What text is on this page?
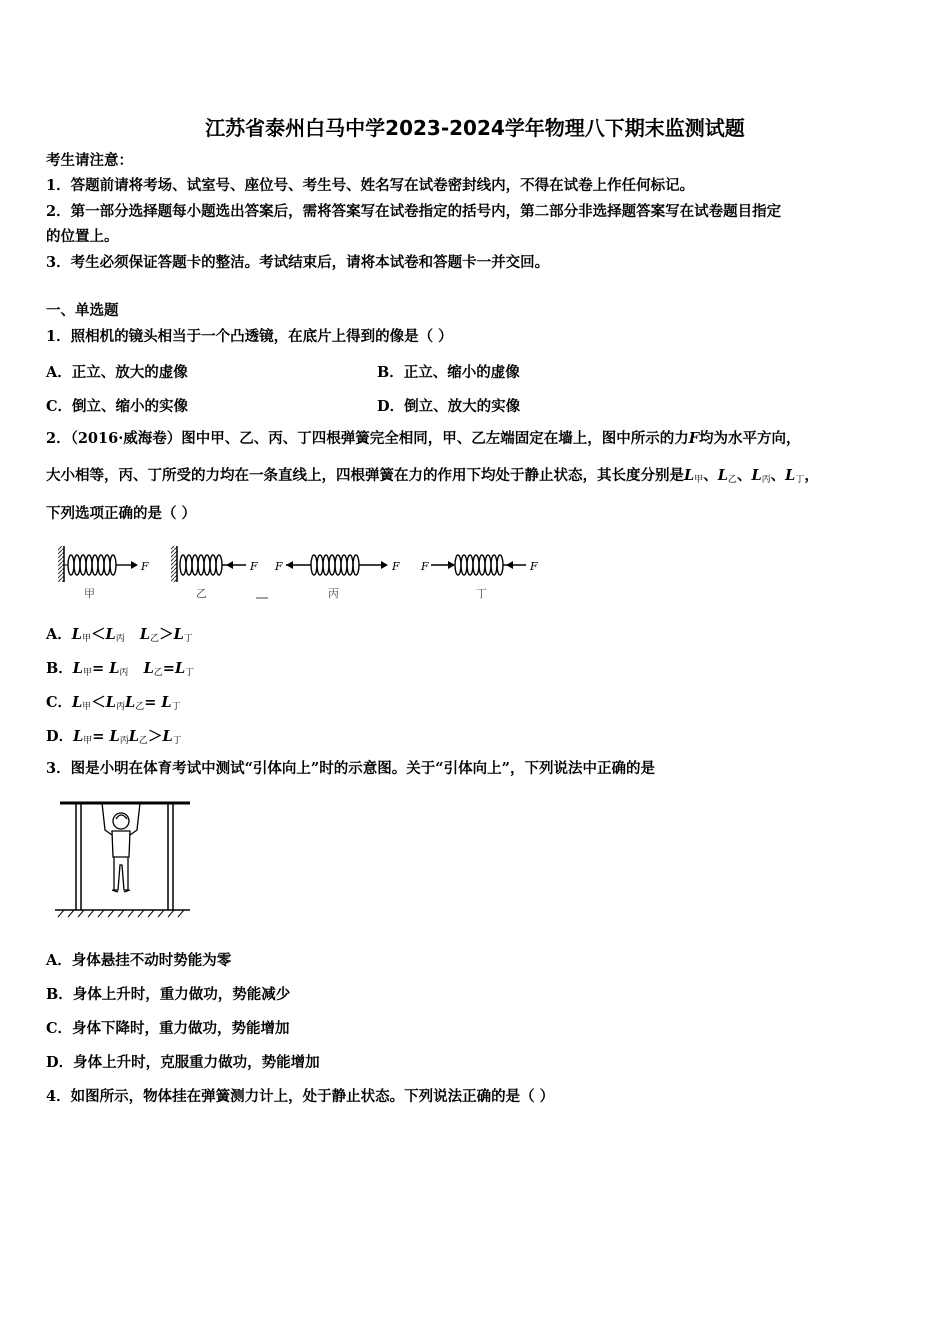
江苏省泰州白马中学2023-2024学年物理八下期末监测试题
考生请注意：
1．答题前请将考场、试室号、座位号、考生号、姓名写在试卷密封线内，不得在试卷上作任何标记。
2．第一部分选择题每小题选出答案后，需将答案写在试卷指定的括号内，第二部分非选择题答案写在试卷题目指定
的位置上。
3．考生必须保证答题卡的整洁。考试结束后，请将本试卷和答题卡一并交回。
一、单选题
1．照相机的镜头相当于一个凸透镜，在底片上得到的像是（ ）
A．正立、放大的虚像	B．正立、缩小的虚像
C．倒立、缩小的实像	D．倒立、放大的实像
2．（2016·威海卷）图中甲、乙、丙、丁四根弹簧完全相同，甲、乙左端固定在墙上，图中所示的力F均为水平方向，
大小相等，丙、丁所受的力均在一条直线上，四根弹簧在力的作用下均处于静止状态，其长度分别是$L_甲$、$L_乙$、$L_丙$、$L_丁$，
下列选项正确的是（ ）
F	F F	F F	F
甲	乙	丙	丁
A．$L_甲<L_丙$ $L_乙>L_丁$
B．$L_甲= L_丙$ $L_乙=L_丁$
C．$L_甲<L_丙L_乙= L_丁$
D．$L_甲= L_丙L_乙>L_丁$
3．图是小明在体育考试中测试“引体向上”时的示意图。关于“引体向上”，下列说法中正确的是
A．身体悬挂不动时势能为零
B．身体上升时，重力做功，势能减少
C．身体下降时，重力做功，势能增加
D．身体上升时，克服重力做功，势能增加
4．如图所示，物体挂在弹簧测力计上，处于静止状态。下列说法正确的是（ ）
